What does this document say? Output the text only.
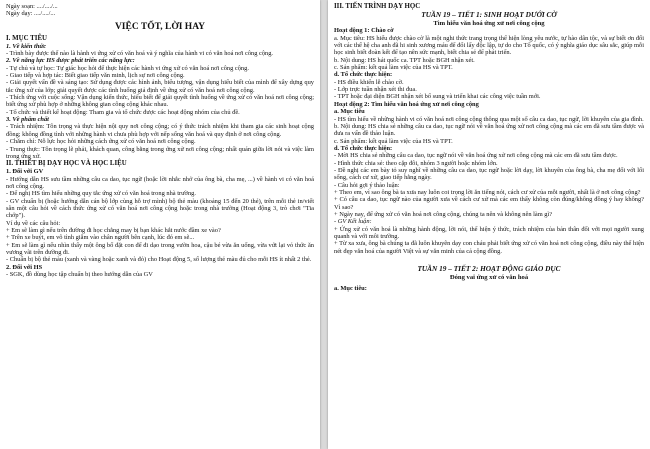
Ngày soạn: ..../..../...

Ngày dạy: ..../..../...

VIỆC TỐT, LỜI HAY

I. MỤC TIÊU

1. Về kiến thức

- Trình bày được thế nào là hành vi ứng xử có văn hoá và ý nghĩa của hành vi có văn hoá nơi công cộng.

2. Về năng lực HS được phát triển các năng lực:

- Tự chủ và tự học: Tự giác học hỏi để thực hiện các hành vi ứng xử có văn hoá nơi công cộng.

- Giao tiếp và hợp tác: Biết giao tiếp văn minh, lịch sự nơi công cộng.

- Giải quyết vấn đề và sáng tạo: Sử dụng được các hình ảnh, biểu tượng, vận dụng hiểu biết của mình để xây dựng quy tắc ứng xử của lớp; giải quyết được các tình huống giả định về ứng xử có văn hoá nơi công cộng.

- Thích ứng với cuộc sống: Vận dụng kiến thức, hiểu biết để giải quyết tình huống về ứng xử có văn hoá nơi công cộng; biết ứng xử phù hợp ở những không gian công cộng khác nhau.

- Tổ chức và thiết kế hoạt động: Tham gia và tổ chức được các hoạt động nhóm của chủ đề.

3. Về phẩm chất

- Trách nhiệm: Tôn trọng và thực hiện nội quy nơi công cộng; có ý thức trách nhiệm khi tham gia các sinh hoạt cộng đồng; không đồng tình với những hành vi chưa phù hợp với nếp sống văn hoá và quy định ở nơi công cộng.

- Chăm chỉ: Nỗ lực học hỏi những cách ứng xử có văn hoá nơi công cộng.

- Trung thực: Tôn trọng lẽ phải, khách quan, công bằng trong ứng xử nơi công cộng; nhất quán giữa lời nói và việc làm trong ứng xử.

II. THIẾT BỊ DẠY HỌC VÀ HỌC LIỆU

1. Đối với GV

- Hướng dẫn HS sưu tầm những câu ca dao, tục ngữ (hoặc lời nhắc nhở của ông bà, cha mẹ, ...) về hành vi có văn hoá nơi công cộng.

- Để nghị HS tìm hiểu những quy tắc ứng xử có văn hoá trong nhà trường.

- GV chuẩn bị (hoặc hướng dẫn cán bộ lớp cùng hỗ trợ mình) bộ thẻ màu (khoảng 15 đến 20 thẻ), trên mỗi thẻ in/viết sẵn một câu hỏi về cách thức ứng xử có văn hoá nơi công cộng hoặc trong nhà trường (Hoạt động 3, trò chơi "Tia chớp").

Ví dụ về các câu hỏi:

+ Em sẽ làm gì nếu trên đường đi học chẳng may bị bạn khác hắt nước đầm xe vào?

+ Trên xe buýt, em vô tình giẫm vào chân người bên cạnh, lúc đó em sẽ...

+ Em sẽ làm gì nếu nhìn thấy một ông bố đặt con để đi dạo trong vườn hoa, cậu bé vừa ăn uống, vừa vứt lại vỏ thức ăn vương vãi trên đường đi.

- Chuẩn bị bộ thẻ màu (xanh và vàng hoặc xanh và đỏ) cho Hoạt động 5, số lượng thẻ màu đủ cho mỗi HS ít nhất 2 thẻ.

2. Đối với HS

- SGK, đồ dùng học tập chuẩn bị theo hướng dẫn của GV

III. TIẾN TRÌNH DẠY HỌC

TUẦN 19 – TIẾT 1: SINH HOẠT DƯỚI CỜ

Tìm hiểu văn hoá ứng xử nơi công cộng

Hoạt động 1: Chào cờ

a. Mục tiêu: HS hiểu được chào cờ là một nghi thức trang trọng thể hiện lòng yêu nước, tự hào dân tộc, và sự biết ơn đối với các thế hệ cha anh đã hi sinh xương máu để đổi lấy độc lập, tự do cho Tổ quốc, có ý nghĩa giáo dục sâu sắc, giúp mỗi học sinh biết đoàn kết để tạo nên sức mạnh, biết chia sẻ để phát triển.

b. Nội dung: HS hát quốc ca. TPT hoặc BGH nhận xét.

c. Sản phẩm: kết quả làm việc của HS và TPT.

d. Tổ chức thực hiện:

- HS điều khiển lễ chào cờ.

- Lớp trực tuần nhận xét thi đua.

- TPT hoặc đại diện BGH nhận xét bổ sung và triển khai các công việc tuần mới.

Hoạt động 2: Tìm hiểu văn hoá ứng xử nơi công cộng

a. Mục tiêu

- HS tìm hiểu về những hành vi có văn hoá nơi công cộng thông qua một số câu ca dao, tục ngữ, lời khuyên của gia đình.

b. Nội dung: HS chia sẻ những câu ca dao, tục ngữ nói về văn hoá ứng xử nơi công cộng mà các em đã sưu tầm được và đưa ra vấn đề thảo luận.

c. Sản phẩm: kết quả làm việc của HS và TPT.

d. Tổ chức thực hiện:

- Mời HS chia sẻ những câu ca dao, tục ngữ nói về văn hoá ứng xử nơi công cộng mà các em đã sưu tầm được.

- Hình thức chia sẻ: theo cặp đôi, nhóm 3 người hoặc nhóm lớn.

- Đề nghị các em bày tỏ suy nghĩ về những câu ca dao, tục ngữ hoặc lời dạy, lời khuyên của ông bà, cha mẹ đối với lối sống, cách cư xử, giao tiếp hằng ngày.

- Câu hỏi gợi ý thảo luận:

+ Theo em, vì sao ông bà ta xưa nay luôn coi trọng lời ăn tiếng nói, cách cư xử của mỗi người, nhất là ở nơi công cộng?

+ Có câu ca dao, tục ngữ nào của người xưa về cách cư xử mà các em thấy không còn đúng/không đồng ý hay không? Vì sao?

+ Ngày nay, để ứng xử có văn hoá nơi công cộng, chúng ta nên và không nên làm gì?

- GV Kết luận:

+ Ứng xử có văn hoá là những hành động, lời nói, thể hiện ý thức, trách nhiệm của bản thân đối với mọi người xung quanh và với môi trường.

+ Từ xa xưa, ông bà chúng ta đã luôn khuyên dạy con cháu phải biết ứng xử có văn hoá nơi công cộng, điều này thể hiện nét đẹp văn hoá của người Việt và sự văn minh của cả cộng đồng.

TUẦN 19 – TIẾT 2: HOẠT ĐỘNG GIÁO DỤC

Đóng vai ứng xử có văn hoá

a. Mục tiêu:
